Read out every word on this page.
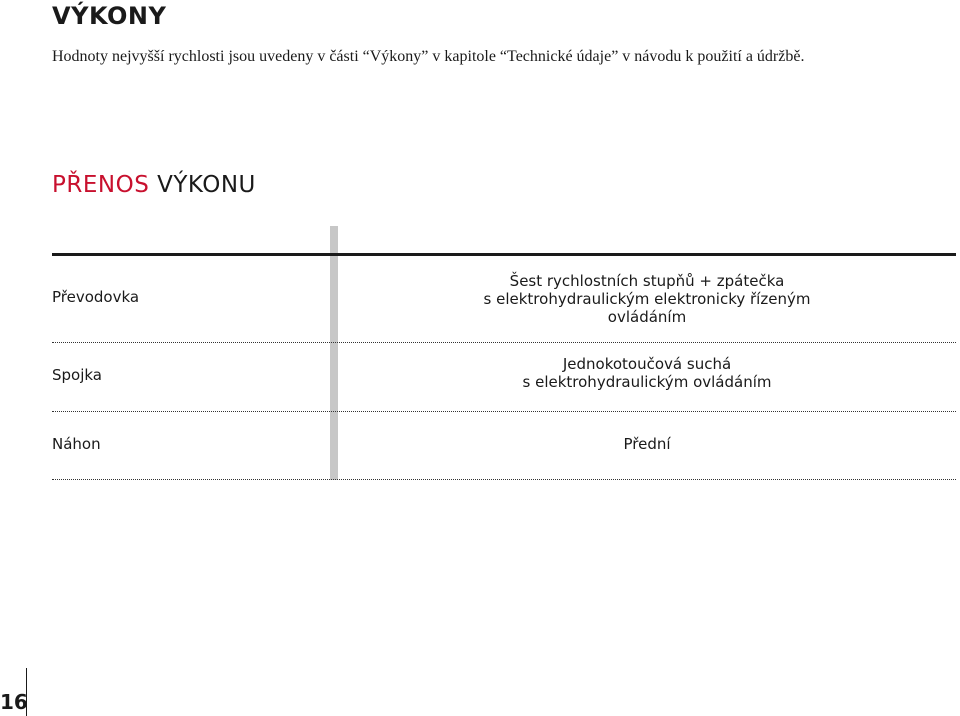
VÝKONY
Hodnoty nejvyšší rychlosti jsou uvedeny v části “Výkony” v kapitole “Technické údaje” v návodu k použití a údržbě.
PŘENOS VÝKONU
Převodovka
Šest rychlostních stupňů + zpátečka
s elektrohydraulickým elektronicky řízeným
ovládáním
Spojka
Jednokotoučová suchá
s elektrohydraulickým ovládáním
Náhon	Přední
16
